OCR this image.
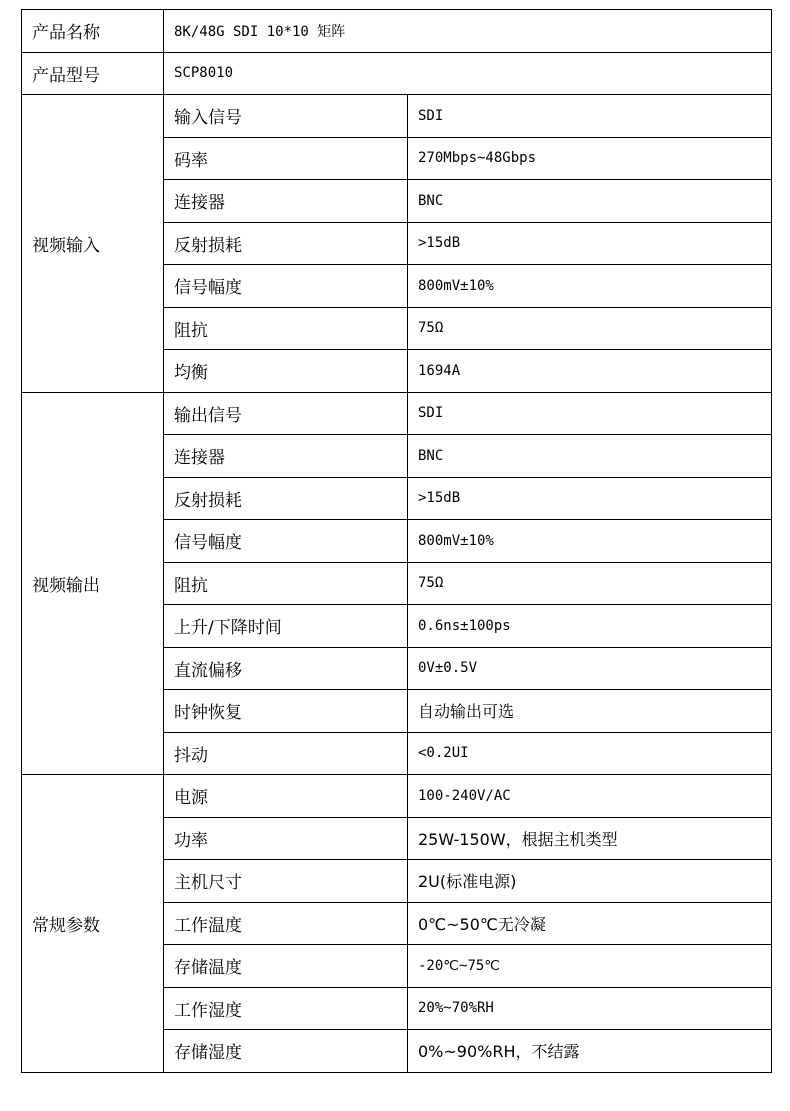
产品名称	8K/48G SDI 10*10 矩阵	
产品型号	SCP8010	
视频输入	输入信号	SDI
	码率	270Mbps~48Gbps
	连接器	BNC
	反射损耗	>15dB
	信号幅度	800mV±10%
	阻抗	75Ω
	均衡	1694A
视频输出	输出信号	SDI
	连接器	BNC
	反射损耗	>15dB
	信号幅度	800mV±10%
	阻抗	75Ω
	上升/下降时间	0.6ns±100ps
	直流偏移	0V±0.5V
	时钟恢复	自动输出可选
	抖动	<0.2UI
常规参数	电源	100-240V/AC
	功率	25W-150W，根据主机类型
	主机尺寸	2U(标准电源)
	工作温度	0℃~50℃无冷凝
	存储温度	-20℃~75℃
	工作湿度	20%~70%RH
	存储湿度	0%~90%RH，不结露
